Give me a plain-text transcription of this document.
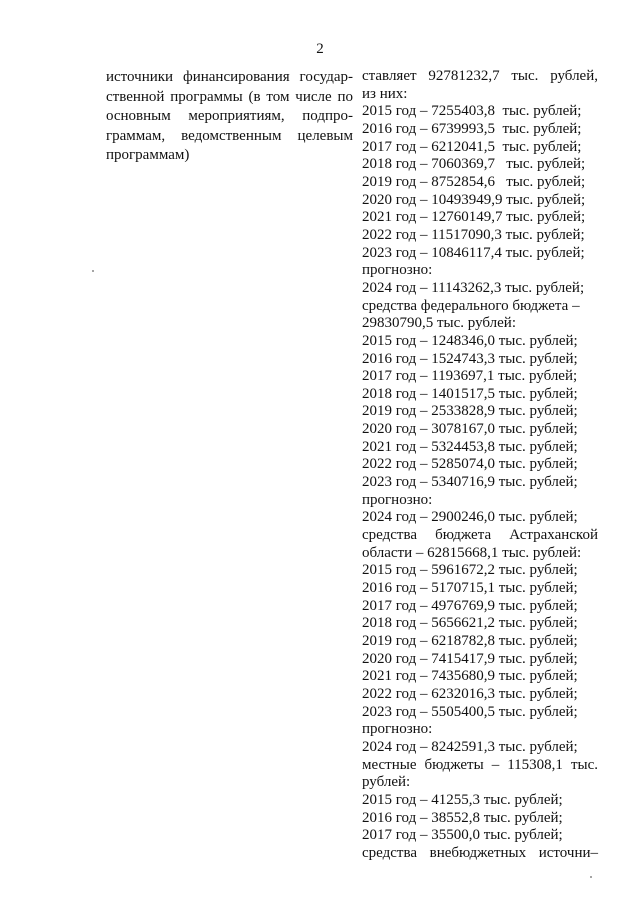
2
источники финансирования государ-
ственной программы (в том числе по
основным мероприятиям, подпро-
граммам, ведомственным целевым
программам)
ставляет 92781232,7 тыс. рублей,
из них:
2015 год – 7255403,8  тыс. рублей;
2016 год – 6739993,5  тыс. рублей;
2017 год – 6212041,5  тыс. рублей;
2018 год – 7060369,7   тыс. рублей;
2019 год – 8752854,6   тыс. рублей;
2020 год – 10493949,9 тыс. рублей;
2021 год – 12760149,7 тыс. рублей;
2022 год – 11517090,3 тыс. рублей;
2023 год – 10846117,4 тыс. рублей;
прогнозно:
2024 год – 11143262,3 тыс. рублей;
средства федерального бюджета –
29830790,5 тыс. рублей:
2015 год – 1248346,0 тыс. рублей;
2016 год – 1524743,3 тыс. рублей;
2017 год – 1193697,1 тыс. рублей;
2018 год – 1401517,5 тыс. рублей;
2019 год – 2533828,9 тыс. рублей;
2020 год – 3078167,0 тыс. рублей;
2021 год – 5324453,8 тыс. рублей;
2022 год – 5285074,0 тыс. рублей;
2023 год – 5340716,9 тыс. рублей;
прогнозно:
2024 год – 2900246,0 тыс. рублей;
средства бюджета Астраханской
области – 62815668,1 тыс. рублей:
2015 год – 5961672,2 тыс. рублей;
2016 год – 5170715,1 тыс. рублей;
2017 год – 4976769,9 тыс. рублей;
2018 год – 5656621,2 тыс. рублей;
2019 год – 6218782,8 тыс. рублей;
2020 год – 7415417,9 тыс. рублей;
2021 год – 7435680,9 тыс. рублей;
2022 год – 6232016,3 тыс. рублей;
2023 год – 5505400,5 тыс. рублей;
прогнозно:
2024 год – 8242591,3 тыс. рублей;
местные бюджеты – 115308,1 тыс.
рублей:
2015 год – 41255,3 тыс. рублей;
2016 год – 38552,8 тыс. рублей;
2017 год – 35500,0 тыс. рублей;
средства внебюджетных источни–
